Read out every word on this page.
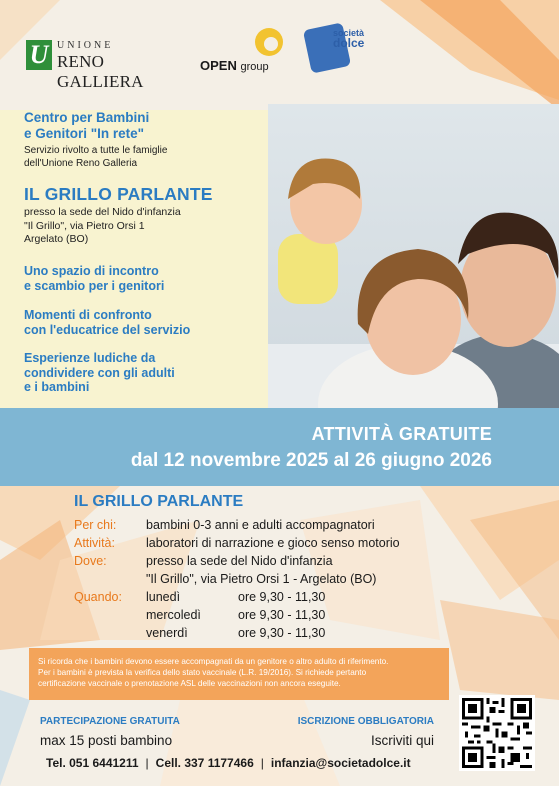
U UNIONE
RENO GALLIERA
OPEN group
società
dolce
Centro per Bambini
e Genitori "In rete"
Servizio rivolto a tutte le famiglie
dell'Unione Reno Galleria
IL GRILLO PARLANTE
presso la sede del Nido d'infanzia
"Il Grillo", via Pietro Orsi 1
Argelato (BO)
Uno spazio di incontro
e scambio per i genitori
Momenti di confronto
con l'educatrice del servizio
Esperienze ludiche da
condividere con gli adulti
e i bambini
ATTIVITÀ GRATUITE
dal 12 novembre 2025 al 26 giugno 2026
IL GRILLO PARLANTE
Per chi: bambini 0-3 anni e adulti accompagnatori
Attività: laboratori di narrazione e gioco senso motorio
Dove:	presso la sede del Nido d'infanzia
"Il Grillo", via Pietro Orsi 1 - Argelato (BO)
Quando: lunedì	ore 9,30 - 11,30
mercoledì	ore 9,30 - 11,30
venerdì	ore 9,30 - 11,30
Si ricorda che i bambini devono essere accompagnati da un genitore o altro adulto di riferimento.
Per i bambini è prevista la verifica dello stato vaccinale (L.R. 19/2016). Si richiede pertanto
certificazione vaccinale o prenotazione ASL delle vaccinazioni non ancora eseguite.
PARTECIPAZIONE GRATUITA
max 15 posti bambino
ISCRIZIONE OBBLIGATORIA
Iscriviti qui
Tel. 051 6441211 | Cell. 337 1177466 | infanzia@societadolce.it
